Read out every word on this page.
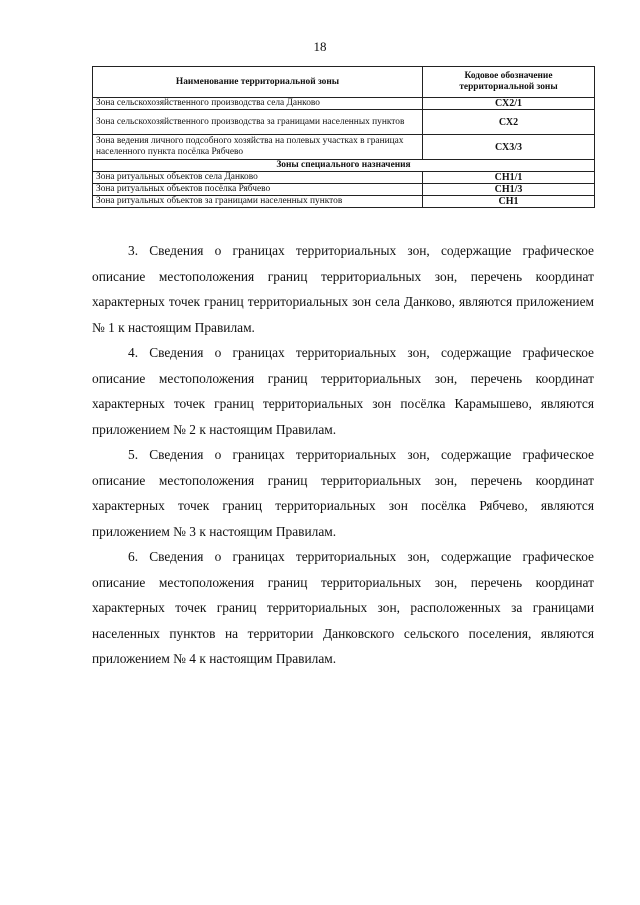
18
Наименование территориальной зоны	Кодовое обозначение территориальной зоны
Зона сельскохозяйственного производства села Данково	СХ2/1
Зона сельскохозяйственного производства за границами населенных пунктов	СХ2
Зона ведения личного подсобного хозяйства на полевых участках в границах населенного пункта посёлка Рябчево	СХ3/3
Зоны специального назначения	
Зона ритуальных объектов села Данково	СН1/1
Зона ритуальных объектов посёлка Рябчево	СН1/3
Зона ритуальных объектов за границами населенных пунктов	СН1

3. Сведения о границах территориальных зон, содержащие графическое описание местоположения границ территориальных зон, перечень координат характерных точек границ территориальных зон села Данково, являются приложением № 1 к настоящим Правилам.

4. Сведения о границах территориальных зон, содержащие графическое описание местоположения границ территориальных зон, перечень координат характерных точек границ территориальных зон посёлка Карамышево, являются приложением № 2 к настоящим Правилам.

5. Сведения о границах территориальных зон, содержащие графическое описание местоположения границ территориальных зон, перечень координат характерных точек границ территориальных зон посёлка Рябчево, являются приложением № 3 к настоящим Правилам.

6. Сведения о границах территориальных зон, содержащие графическое описание местоположения границ территориальных зон, перечень координат характерных точек границ территориальных зон, расположенных за границами населенных пунктов на территории Данковского сельского поселения, являются приложением № 4 к настоящим Правилам.
